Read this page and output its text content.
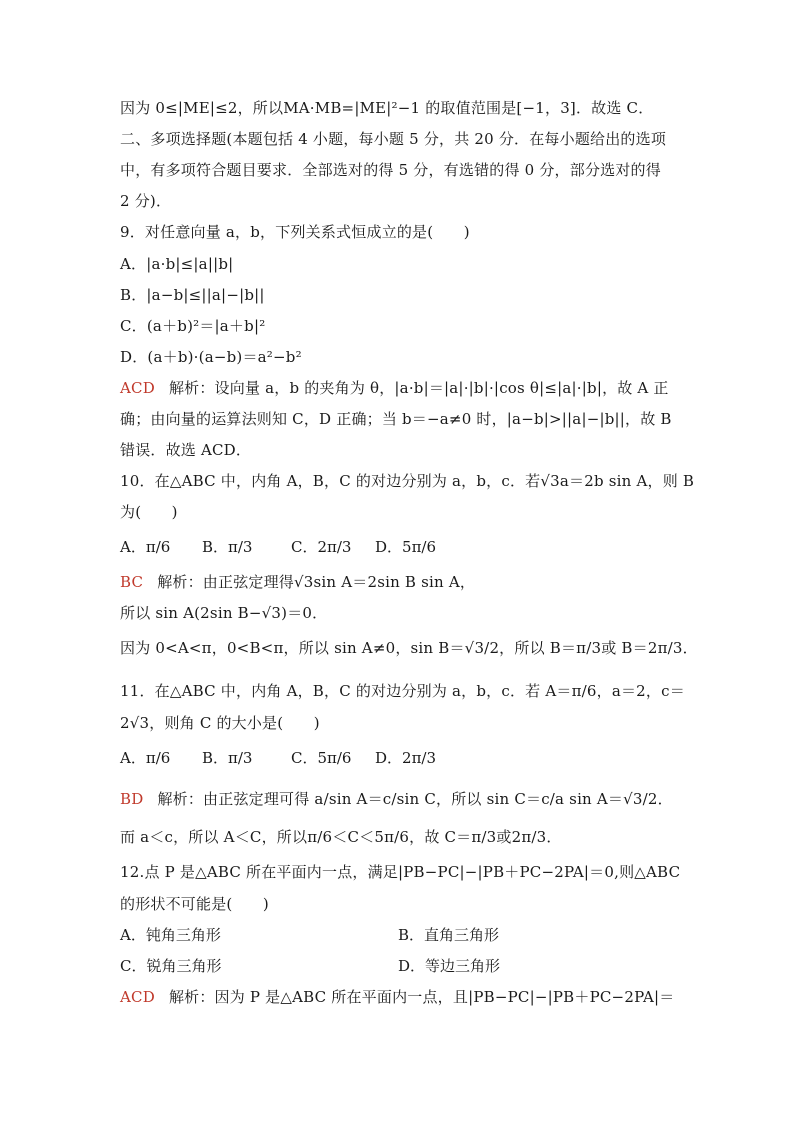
因为 0≤|ME|≤2，所以MA·MB=|ME|²−1 的取值范围是[−1，3]．故选 C．
二、多项选择题(本题包括 4 小题，每小题 5 分，共 20 分．在每小题给出的选项
中，有多项符合题目要求．全部选对的得 5 分，有选错的得 0 分，部分选对的得
2 分)．
9．对任意向量 a，b，下列关系式恒成立的是(　　)
A．|a·b|≤|a||b|
B．|a−b|≤||a|−|b||
C．(a＋b)²＝|a＋b|²
D．(a＋b)·(a−b)＝a²−b²
ACD 解析：设向量 a，b 的夹角为 θ，|a·b|＝|a|·|b|·|cos θ|≤|a|·|b|，故 A 正
确；由向量的运算法则知 C，D 正确；当 b＝−a≠0 时，|a−b|>||a|−|b||，故 B
错误．故选 ACD．
10．在△ABC 中，内角 A，B，C 的对边分别为 a，b，c．若√3a＝2b sin A，则 B
为(　　)
A．π/6 B．π/3	C．2π/3 D．5π/6
BC 解析：由正弦定理得√3sin A＝2sin B sin A，
所以 sin A(2sin B−√3)＝0．
因为 0<A<π，0<B<π，所以 sin A≠0，sin B＝√3/2，所以 B＝π/3或 B＝2π/3．
11．在△ABC 中，内角 A，B，C 的对边分别为 a，b，c．若 A＝π/6，a＝2，c＝
2√3，则角 C 的大小是(　　)
A．π/6 B．π/3	C．5π/6 D．2π/3
BD 解析：由正弦定理可得 a/sin A＝c/sin C，所以 sin C＝c/a sin A＝√3/2．
而 a＜c，所以 A＜C，所以π/6＜C＜5π/6，故 C＝π/3或2π/3．
12.点 P 是△ABC 所在平面内一点，满足|PB−PC|−|PB＋PC−2PA|＝0,则△ABC
的形状不可能是(　　)
A．钝角三角形	B．直角三角形
C．锐角三角形	D．等边三角形
ACD 解析：因为 P 是△ABC 所在平面内一点，且|PB−PC|−|PB＋PC−2PA|＝
